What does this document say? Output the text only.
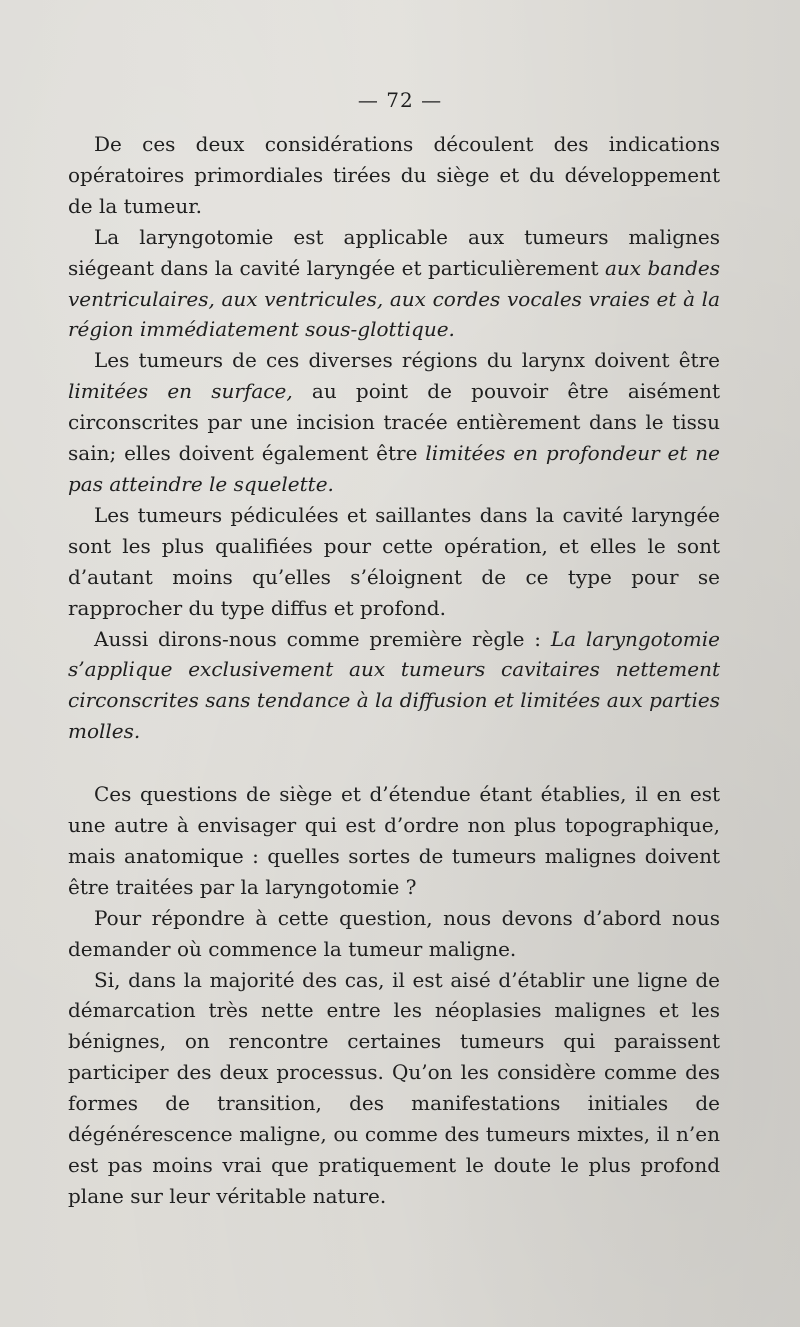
— 72 —

De ces deux considérations découlent des indications opératoires primordiales tirées du siège et du développement de la tumeur.

La laryngotomie est applicable aux tumeurs malignes siégeant dans la cavité laryngée et particulièrement aux bandes ventriculaires, aux ventricules, aux cordes vocales vraies et à la région immédiatement sous-glottique.

Les tumeurs de ces diverses régions du larynx doivent être limitées en surface, au point de pouvoir être aisément circonscrites par une incision tracée entièrement dans le tissu sain; elles doivent également être limitées en profondeur et ne pas atteindre le squelette.

Les tumeurs pédiculées et saillantes dans la cavité laryngée sont les plus qualifiées pour cette opération, et elles le sont d’autant moins qu’elles s’éloignent de ce type pour se rapprocher du type diffus et profond.

Aussi dirons-nous comme première règle : La laryngotomie s’applique exclusivement aux tumeurs cavitaires nettement circonscrites sans tendance à la diffusion et limitées aux parties molles.

Ces questions de siège et d’étendue étant établies, il en est une autre à envisager qui est d’ordre non plus topographique, mais anatomique : quelles sortes de tumeurs malignes doivent être traitées par la laryngotomie ?

Pour répondre à cette question, nous devons d’abord nous demander où commence la tumeur maligne.

Si, dans la majorité des cas, il est aisé d’établir une ligne de démarcation très nette entre les néoplasies malignes et les bénignes, on rencontre certaines tumeurs qui paraissent participer des deux processus. Qu’on les considère comme des formes de transition, des manifestations initiales de dégénérescence maligne, ou comme des tumeurs mixtes, il n’en est pas moins vrai que pratiquement le doute le plus profond plane sur leur véritable nature.
